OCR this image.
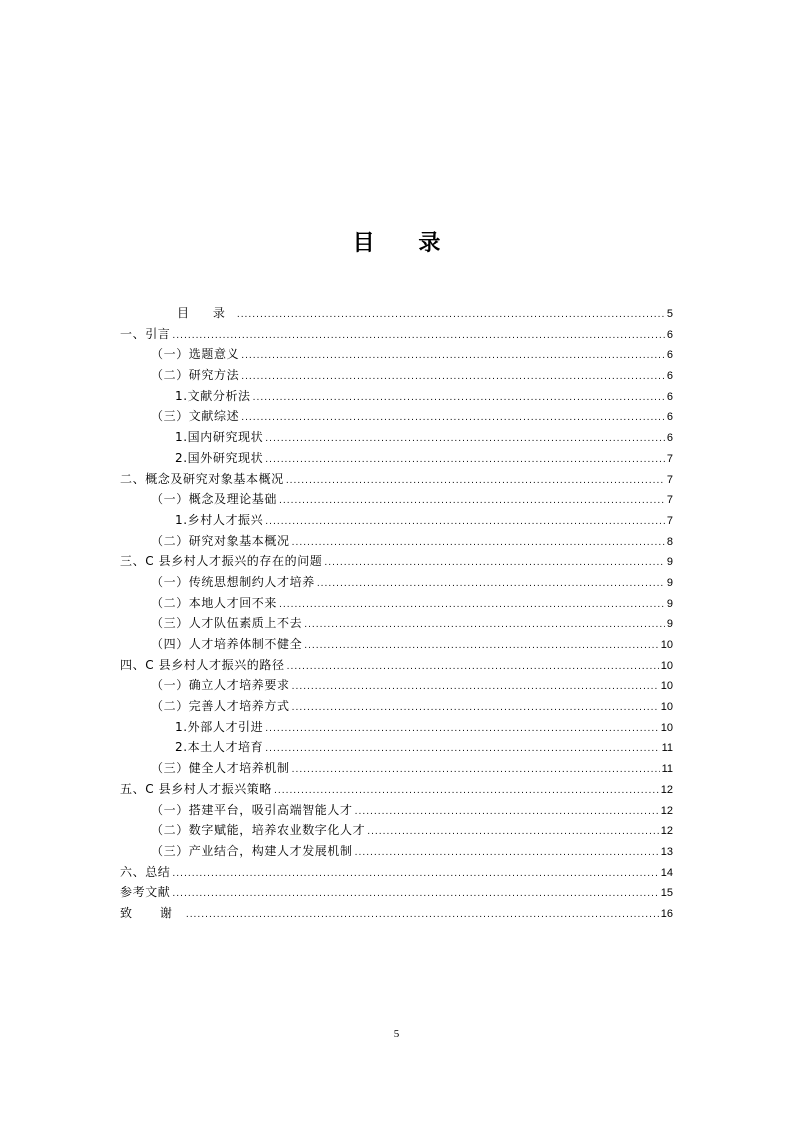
目 录
目 录 .....	5
一、引言 .....	6
（一）选题意义 .....	6
（二）研究方法 .....	6
1.文献分析法 .....	6
（三）文献综述 .....	6
1.国内研究现状 .....	6
2.国外研究现状 .....	7
二、概念及研究对象基本概况 .....	7
（一）概念及理论基础 .....	7
1.乡村人才振兴 .....	7
（二）研究对象基本概况 .....	8
三、C 县乡村人才振兴的存在的问题 .....	9
（一）传统思想制约人才培养 .....	9
（二）本地人才回不来 .....	9
（三）人才队伍素质上不去 .....	9
（四）人才培养体制不健全 .....	10
四、C 县乡村人才振兴的路径 .....	10
（一）确立人才培养要求 .....	10
（二）完善人才培养方式 .....	10
1.外部人才引进 .....	10
2.本土人才培育 .....	11
（三）健全人才培养机制 .....	11
五、C 县乡村人才振兴策略 .....	12
（一）搭建平台，吸引高端智能人才 .....	12
（二）数字赋能，培养农业数字化人才 .....	12
（三）产业结合，构建人才发展机制 .....	13
六、总结 .....	14
参考文献 .....	15
致 谢 .....	16
5
